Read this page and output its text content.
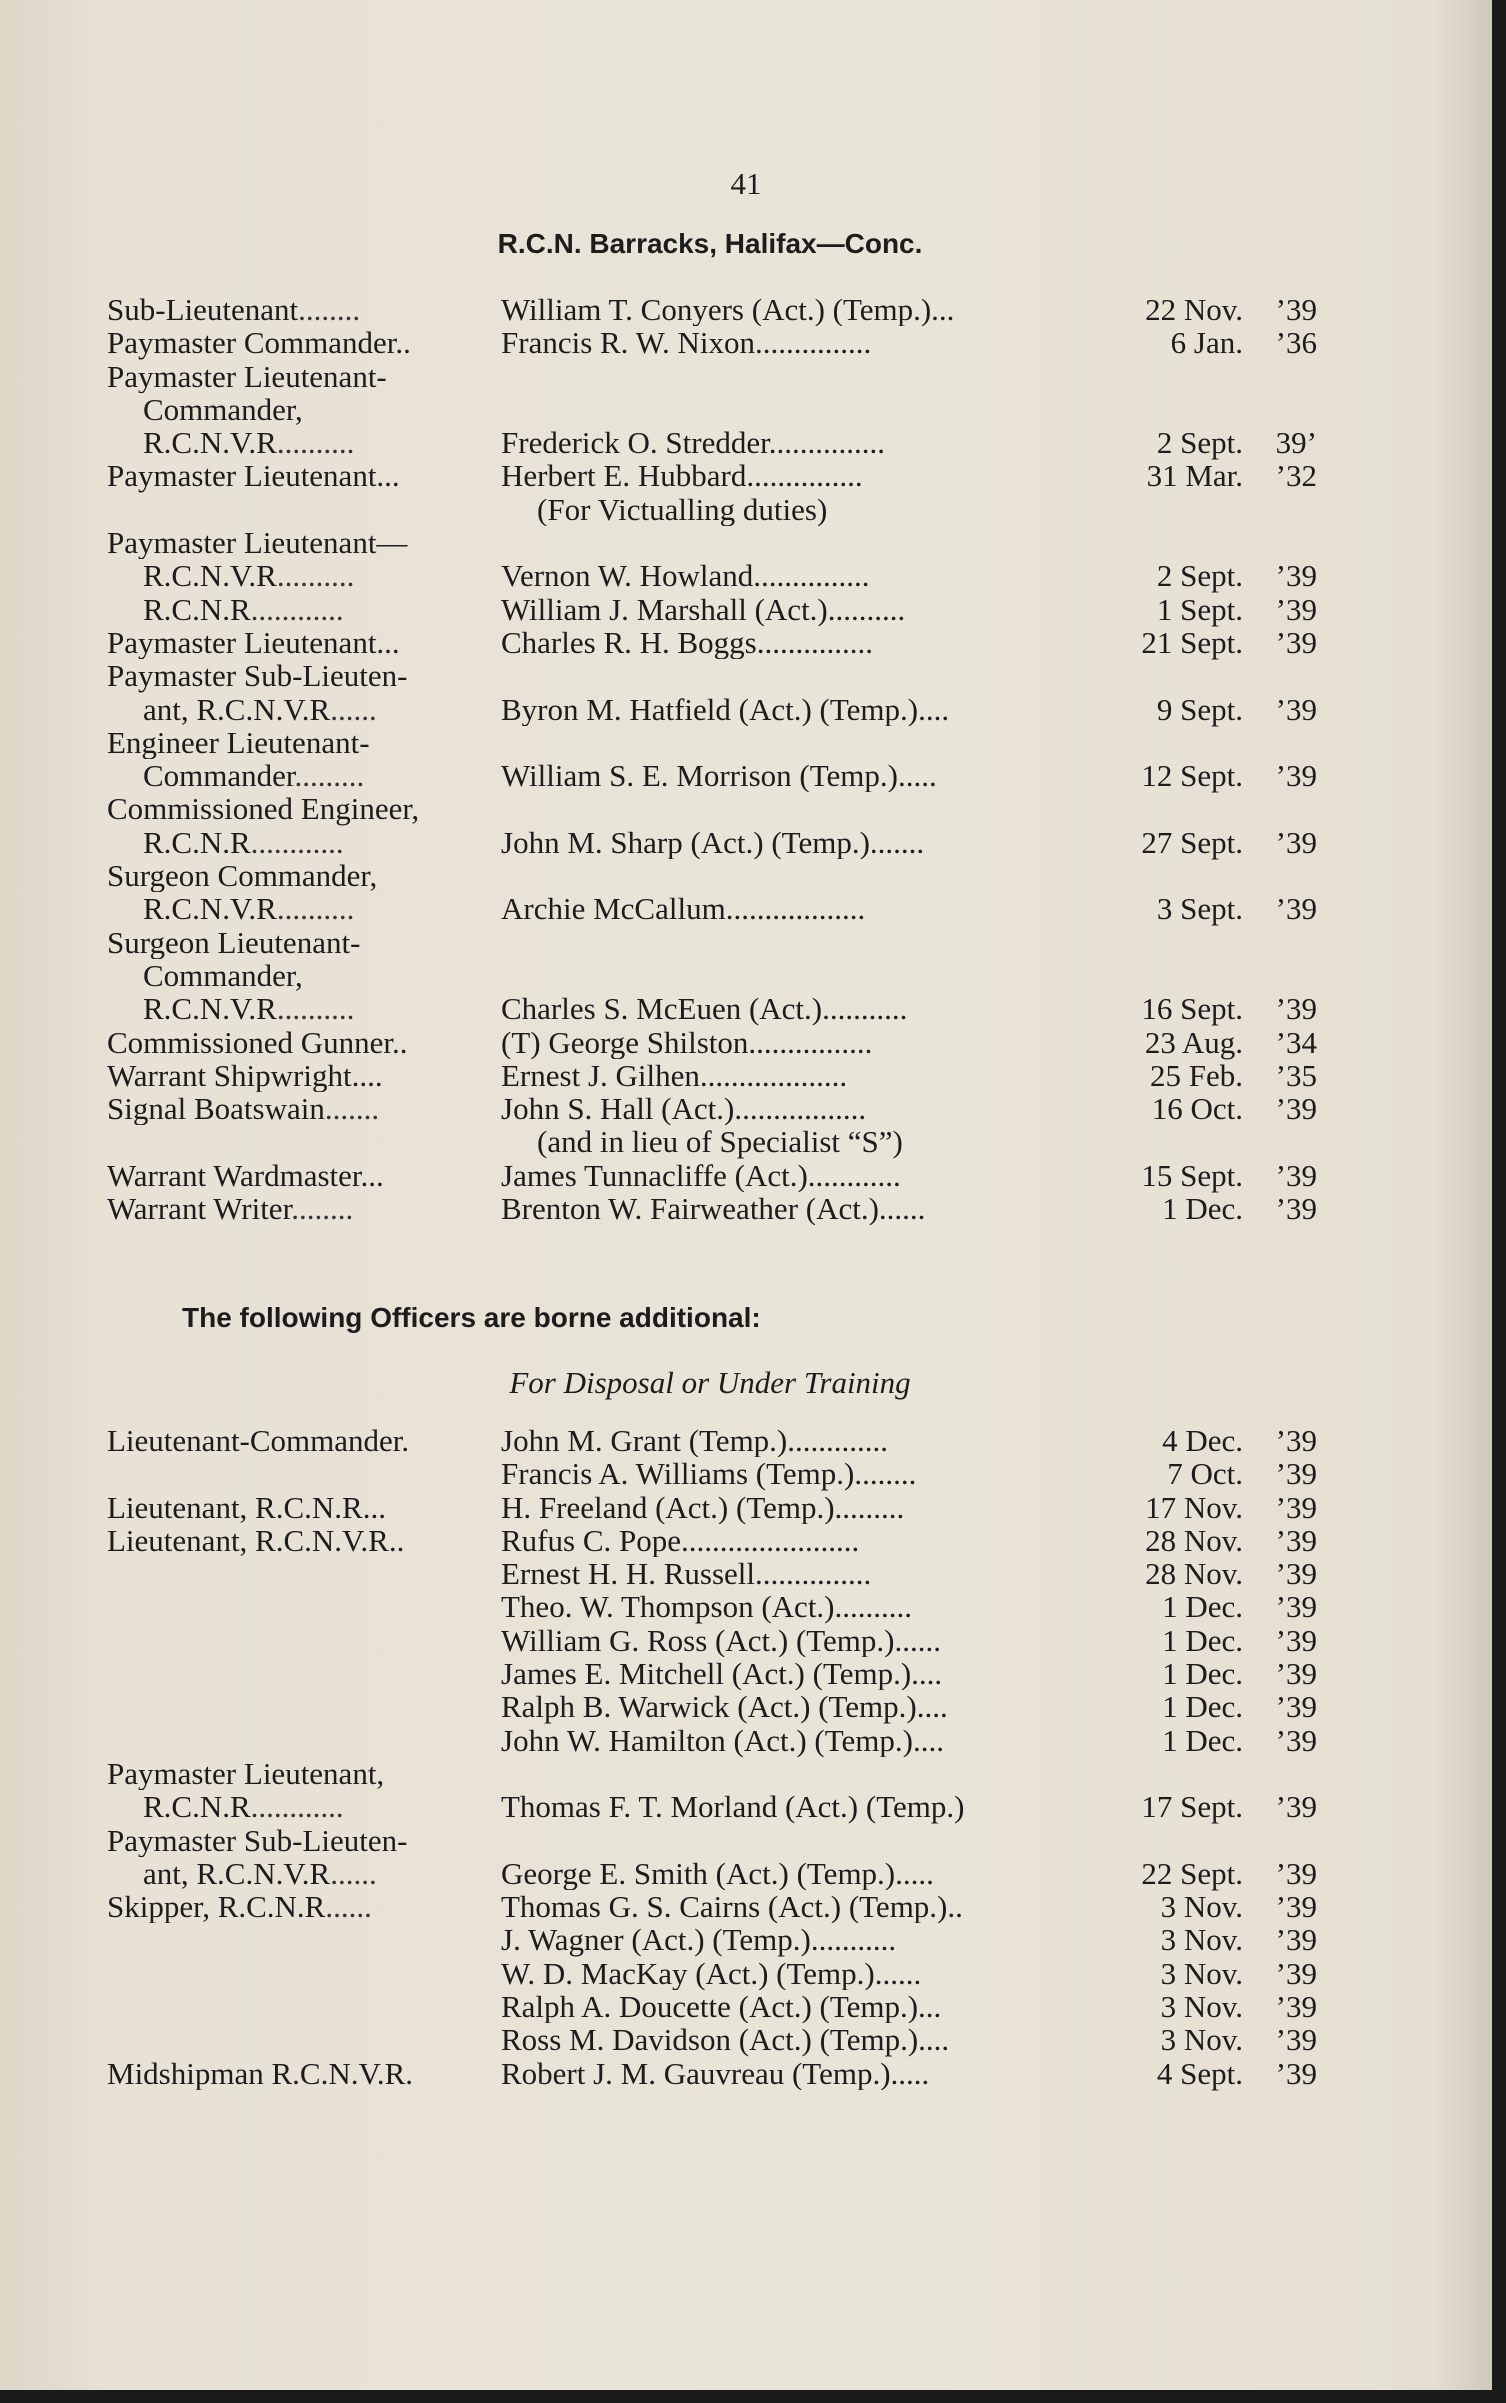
41
R.C.N. Barracks, Halifax—Conc.
Sub-Lieutenant........	William T. Conyers (Act.) (Temp.)...	22 Nov.	’39
Paymaster Commander..	Francis R. W. Nixon...............	6 Jan.	’36
Paymaster Lieutenant-
Commander,
R.C.N.V.R..........	Frederick O. Stredder...............	2 Sept.	39’
Paymaster Lieutenant...	Herbert E. Hubbard...............	31 Mar.	’32
(For Victualling duties)
Paymaster Lieutenant—
R.C.N.V.R..........	Vernon W. Howland...............	2 Sept.	’39
R.C.N.R............	William J. Marshall (Act.)..........	1 Sept.	’39
Paymaster Lieutenant...	Charles R. H. Boggs...............	21 Sept.	’39
Paymaster Sub-Lieuten-
ant, R.C.N.V.R......	Byron M. Hatfield (Act.) (Temp.)....	9 Sept.	’39
Engineer Lieutenant-
Commander.........	William S. E. Morrison (Temp.).....	12 Sept.	’39
Commissioned Engineer,
R.C.N.R............	John M. Sharp (Act.) (Temp.).......	27 Sept.	’39
Surgeon Commander,
R.C.N.V.R..........	Archie McCallum..................	3 Sept.	’39
Surgeon Lieutenant-
Commander,
R.C.N.V.R..........	Charles S. McEuen (Act.)...........	16 Sept.	’39
Commissioned Gunner..	(T) George Shilston................	23 Aug.	’34
Warrant Shipwright....	Ernest J. Gilhen...................	25 Feb.	’35
Signal Boatswain.......	John S. Hall (Act.).................	16 Oct.	’39
(and in lieu of Specialist “S”)
Warrant Wardmaster...	James Tunnacliffe (Act.)............	15 Sept.	’39
Warrant Writer........	Brenton W. Fairweather (Act.)......	1 Dec.	’39
The following Officers are borne additional:
For Disposal or Under Training
Lieutenant-Commander.	John M. Grant (Temp.).............	4 Dec.	’39
Francis A. Williams (Temp.)........	7 Oct.	’39
Lieutenant, R.C.N.R...	H. Freeland (Act.) (Temp.).........	17 Nov.	’39
Lieutenant, R.C.N.V.R..	Rufus C. Pope.......................	28 Nov.	’39
Ernest H. H. Russell...............	28 Nov.	’39
Theo. W. Thompson (Act.)..........	1 Dec.	’39
William G. Ross (Act.) (Temp.)......	1 Dec.	’39
James E. Mitchell (Act.) (Temp.)....	1 Dec.	’39
Ralph B. Warwick (Act.) (Temp.)....	1 Dec.	’39
John W. Hamilton (Act.) (Temp.)....	1 Dec.	’39
Paymaster Lieutenant,
R.C.N.R............	Thomas F. T. Morland (Act.) (Temp.)	17 Sept.	’39
Paymaster Sub-Lieuten-
ant, R.C.N.V.R......	George E. Smith (Act.) (Temp.).....	22 Sept.	’39
Skipper, R.C.N.R......	Thomas G. S. Cairns (Act.) (Temp.)..	3 Nov.	’39
J. Wagner (Act.) (Temp.)...........	3 Nov.	’39
W. D. MacKay (Act.) (Temp.)......	3 Nov.	’39
Ralph A. Doucette (Act.) (Temp.)...	3 Nov.	’39
Ross M. Davidson (Act.) (Temp.)....	3 Nov.	’39
Midshipman R.C.N.V.R.	Robert J. M. Gauvreau (Temp.).....	4 Sept.	’39
